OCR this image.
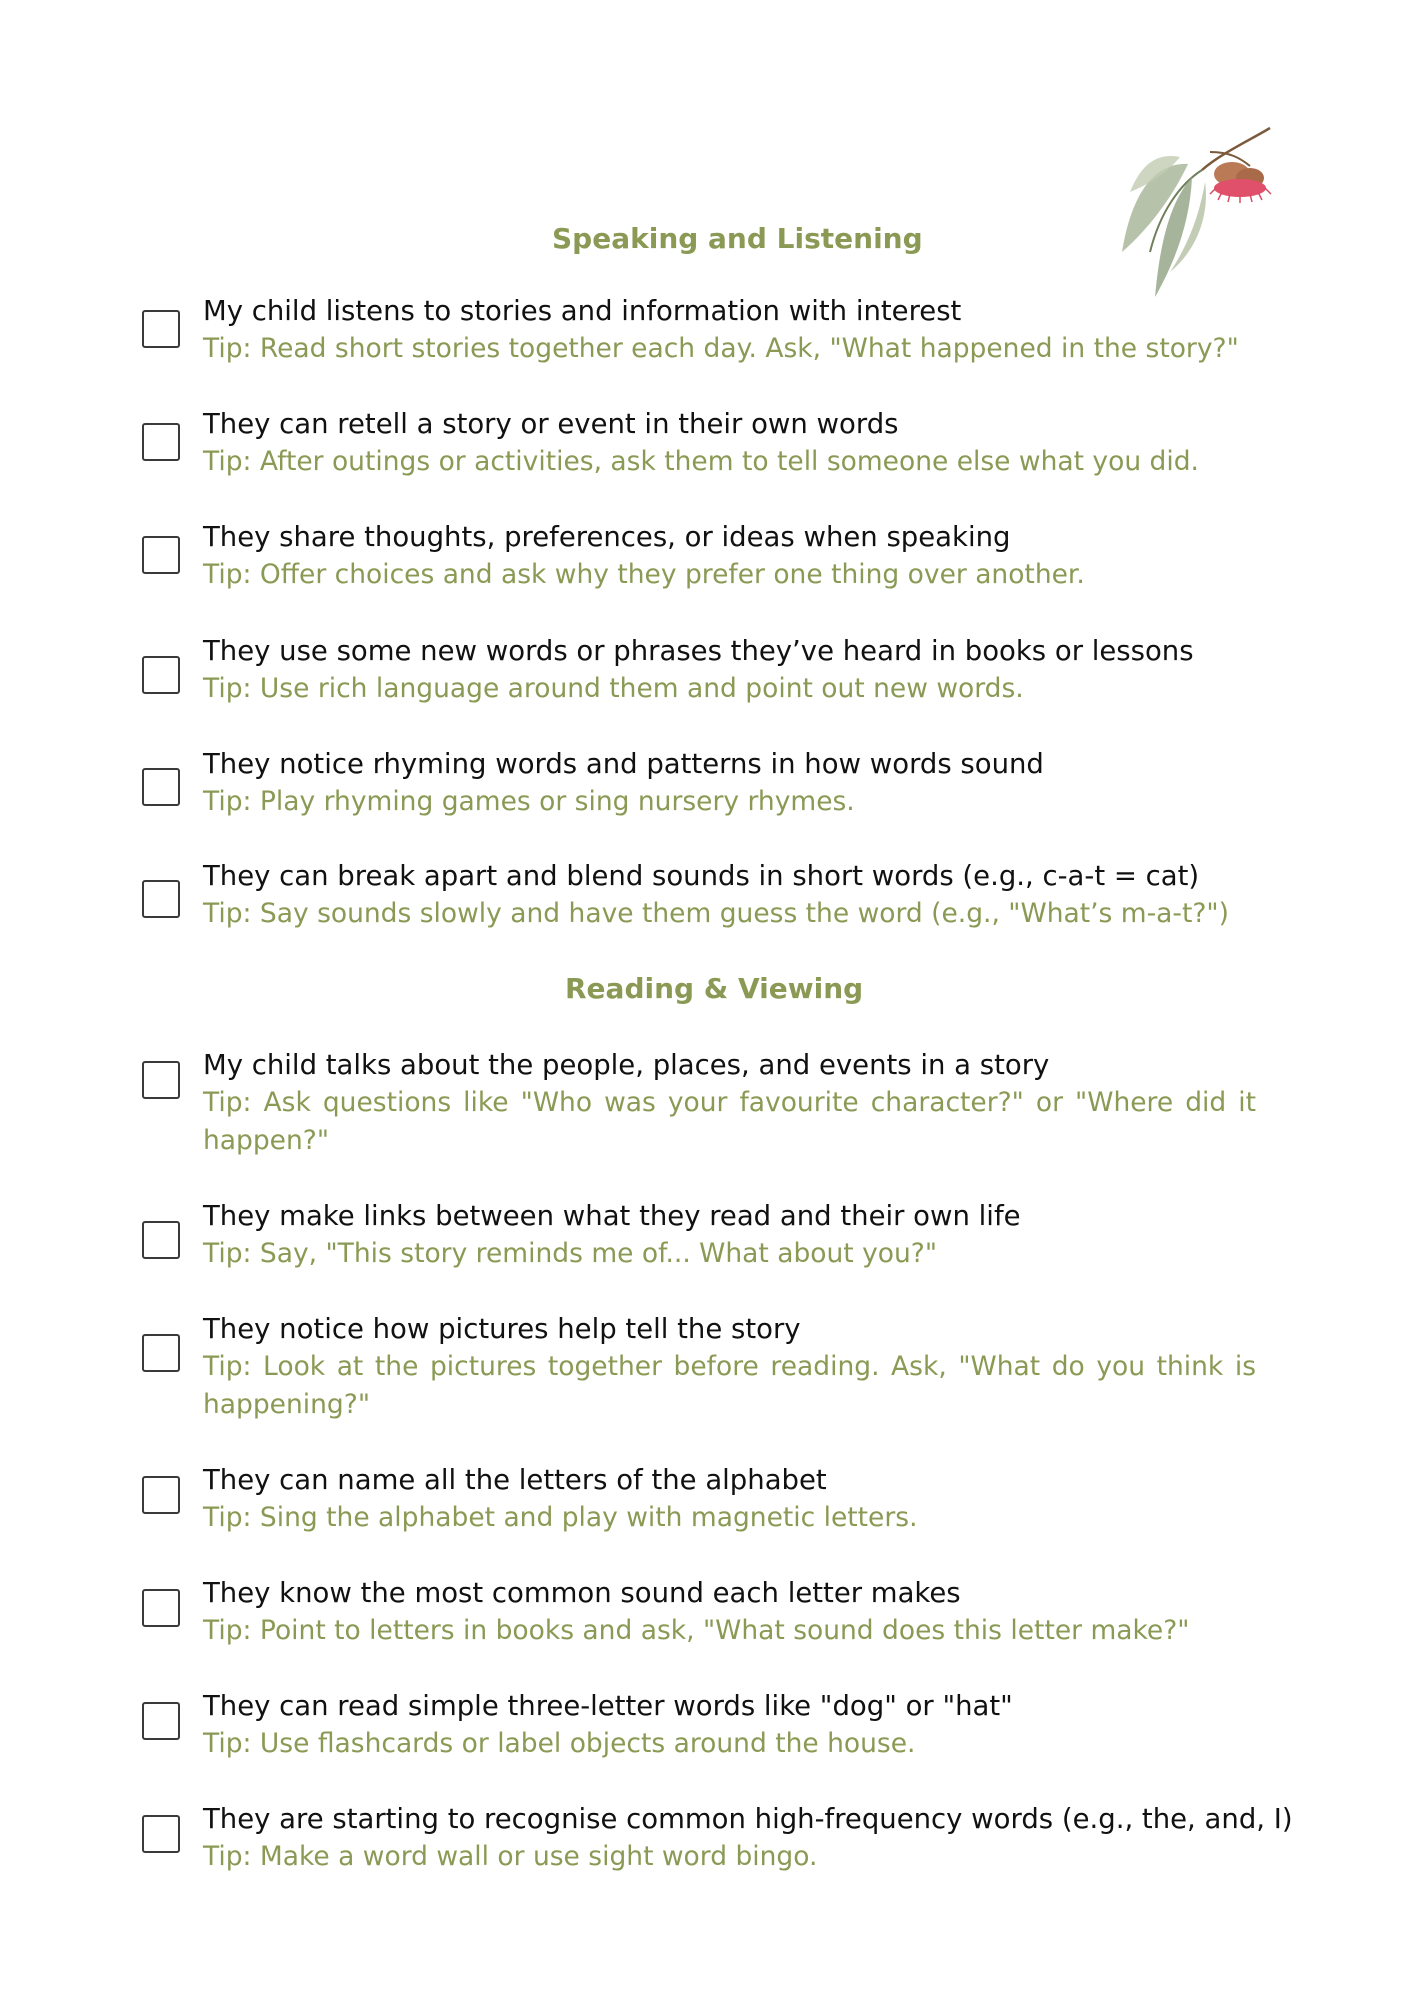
Speaking and Listening

My child listens to stories and information with interest

Tip: Read short stories together each day. Ask, "What happened in the story?"

They can retell a story or event in their own words

Tip: After outings or activities, ask them to tell someone else what you did.

They share thoughts, preferences, or ideas when speaking

Tip: Offer choices and ask why they prefer one thing over another.

They use some new words or phrases they’ve heard in books or lessons

Tip: Use rich language around them and point out new words.

They notice rhyming words and patterns in how words sound

Tip: Play rhyming games or sing nursery rhymes.

They can break apart and blend sounds in short words (e.g., c-a-t = cat)

Tip: Say sounds slowly and have them guess the word (e.g., "What’s m-a-t?")

Reading & Viewing

My child talks about the people, places, and events in a story

Tip: Ask questions like "Who was your favourite character?" or "Where did it happen?"

They make links between what they read and their own life

Tip: Say, "This story reminds me of... What about you?"

They notice how pictures help tell the story

Tip: Look at the pictures together before reading. Ask, "What do you think is happening?"

They can name all the letters of the alphabet

Tip: Sing the alphabet and play with magnetic letters.

They know the most common sound each letter makes

Tip: Point to letters in books and ask, "What sound does this letter make?"

They can read simple three-letter words like "dog" or "hat"

Tip: Use flashcards or label objects around the house.

They are starting to recognise common high-frequency words (e.g., the, and, I)

Tip: Make a word wall or use sight word bingo.
